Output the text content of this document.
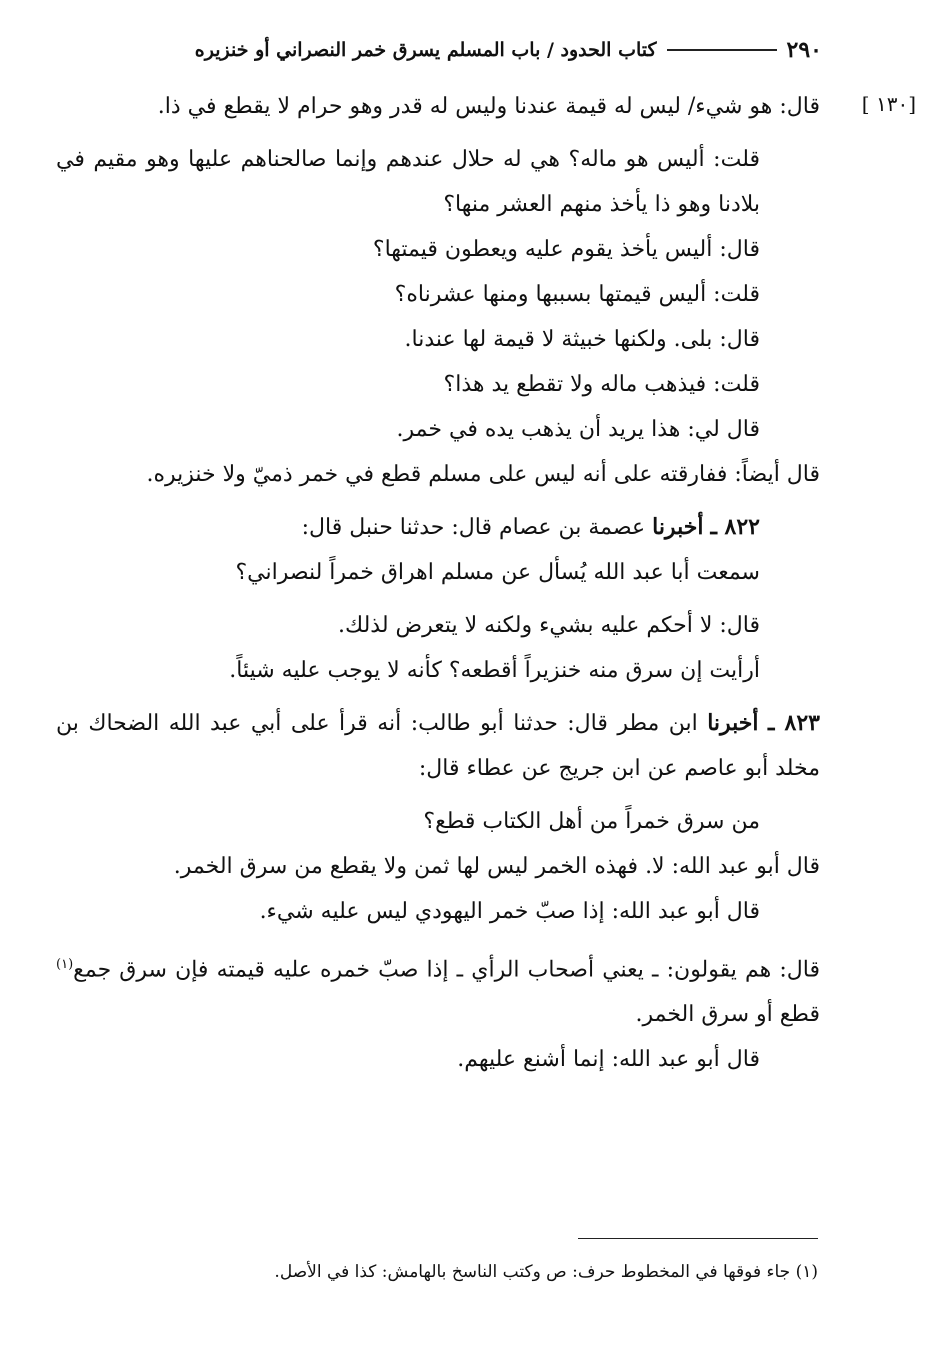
٢٩٠
كتاب الحدود / باب المسلم يسرق خمر النصراني أو خنزيره
[١٣٠ ]

قال: هو شيء/ ليس له قيمة عندنا وليس له قدر وهو حرام لا يقطع في ذا.

قلت: أليس هو ماله؟ هي له حلال عندهم وإنما صالحناهم عليها وهو مقيم في بلادنا وهو ذا يأخذ منهم العشر منها؟

قال: أليس يأخذ يقوم عليه ويعطون قيمتها؟

قلت: أليس قيمتها بسببها ومنها عشرناه؟

قال: بلى. ولكنها خبيثة لا قيمة لها عندنا.

قلت: فيذهب ماله ولا تقطع يد هذا؟

قال لي: هذا يريد أن يذهب يده في خمر.

قال أيضاً: ففارقته على أنه ليس على مسلم قطع في خمر ذميّ ولا خنزيره.

٨٢٢ ـ أخبرنا عصمة بن عصام قال: حدثنا حنبل قال:

سمعت أبا عبد الله يُسأل عن مسلم اهراق خمراً لنصراني؟

قال: لا أحكم عليه بشيء ولكنه لا يتعرض لذلك.

أرأيت إن سرق منه خنزيراً أقطعه؟ كأنه لا يوجب عليه شيئاً.

٨٢٣ ـ أخبرنا ابن مطر قال: حدثنا أبو طالب: أنه قرأ على أبي عبد الله الضحاك بن مخلد أبو عاصم عن ابن جريج عن عطاء قال:

من سرق خمراً من أهل الكتاب قطع؟

قال أبو عبد الله: لا. فهذه الخمر ليس لها ثمن ولا يقطع من سرق الخمر.

قال أبو عبد الله: إذا صبّ خمر اليهودي ليس عليه شيء.

قال: هم يقولون: ـ يعني أصحاب الرأي ـ إذا صبّ خمره عليه قيمته فإن سرق جمع$^{(١)}$ قطع أو سرق الخمر.

قال أبو عبد الله: إنما أشنع عليهم.

(١) جاء فوقها في المخطوط حرف: ص وكتب الناسخ بالهامش: كذا في الأصل.
